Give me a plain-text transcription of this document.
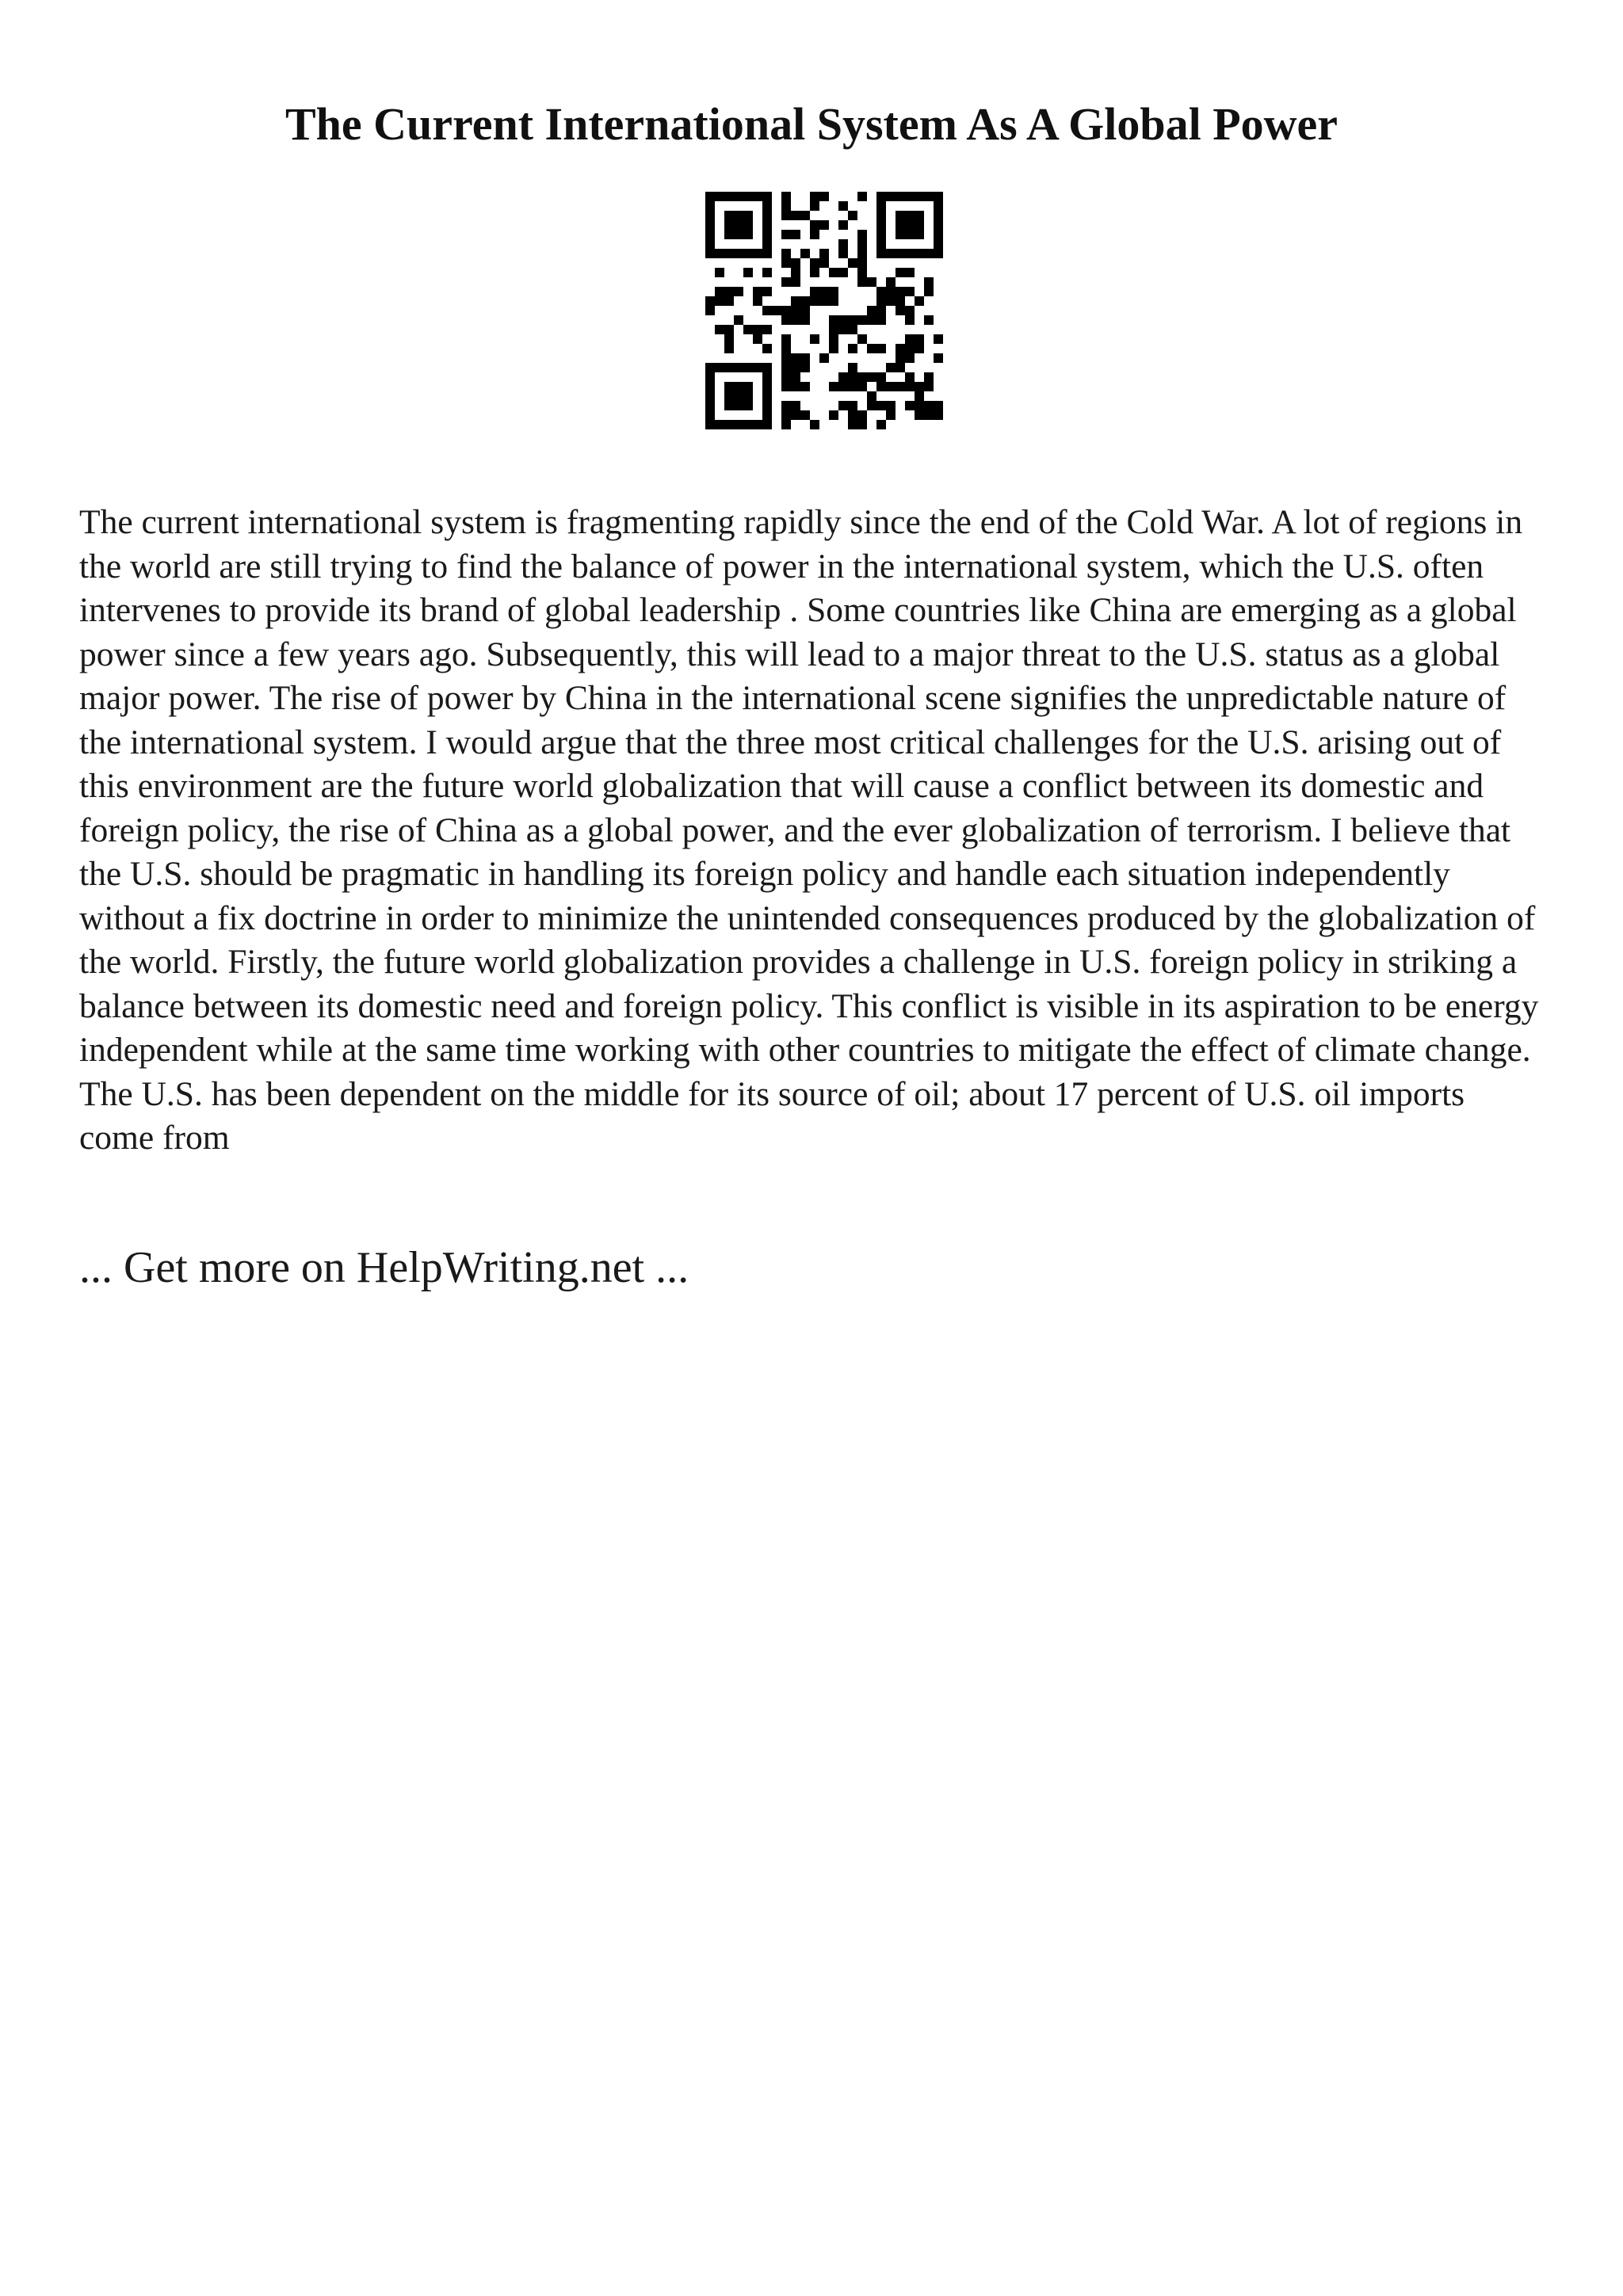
The Current International System As A Global Power

The current international system is fragmenting rapidly since the end of the Cold War. A lot of regions in the world are still trying to find the balance of power in the international system, which the U.S. often intervenes to provide its brand of global leadership . Some countries like China are emerging as a global power since a few years ago. Subsequently, this will lead to a major threat to the U.S. status as a global major power. The rise of power by China in the international scene signifies the unpredictable nature of the international system. I would argue that the three most critical challenges for the U.S. arising out of this environment are the future world globalization that will cause a conflict between its domestic and foreign policy, the rise of China as a global power, and the ever globalization of terrorism. I believe that the U.S. should be pragmatic in handling its foreign policy and handle each situation independently without a fix doctrine in order to minimize the unintended consequences produced by the globalization of the world. Firstly, the future world globalization provides a challenge in U.S. foreign policy in striking a balance between its domestic need and foreign policy. This conflict is visible in its aspiration to be energy independent while at the same time working with other countries to mitigate the effect of climate change. The U.S. has been dependent on the middle for its source of oil; about 17 percent of U.S. oil imports come from

... Get more on HelpWriting.net ...
